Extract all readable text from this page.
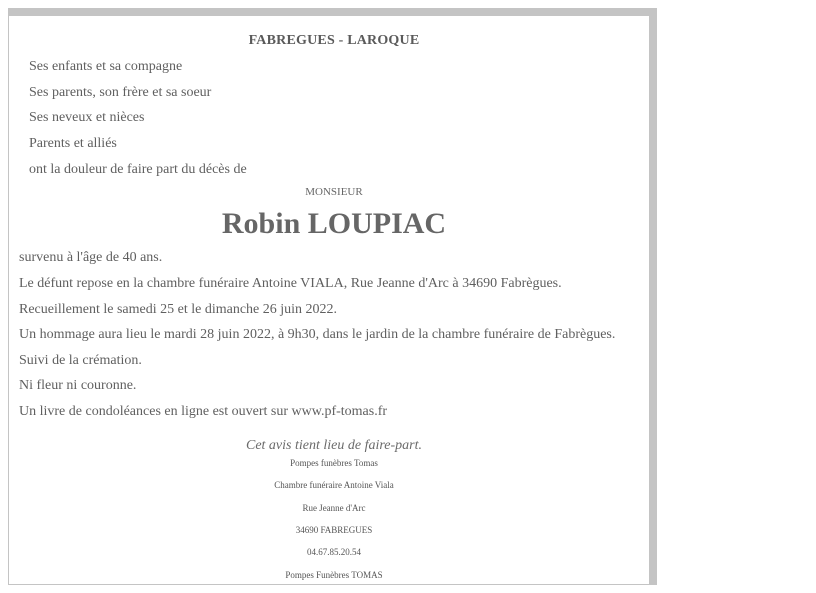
FABREGUES - LAROQUE
Ses enfants et sa compagne
Ses parents, son frère et sa soeur
Ses neveux et nièces
Parents et alliés
ont la douleur de faire part du décès de
MONSIEUR
Robin LOUPIAC
survenu à l'âge de 40 ans.
Le défunt repose en la chambre funéraire Antoine VIALA, Rue Jeanne d'Arc à 34690 Fabrègues.
Recueillement le samedi 25 et le dimanche 26 juin 2022.
Un hommage aura lieu le mardi 28 juin 2022, à 9h30, dans le jardin de la chambre funéraire de Fabrègues.
Suivi de la crémation.
Ni fleur ni couronne.
Un livre de condoléances en ligne est ouvert sur www.pf-tomas.fr
Cet avis tient lieu de faire-part.
Pompes funèbres Tomas
Chambre funéraire Antoine Viala
Rue Jeanne d'Arc
34690 FABREGUES
04.67.85.20.54
Pompes Funèbres TOMAS
